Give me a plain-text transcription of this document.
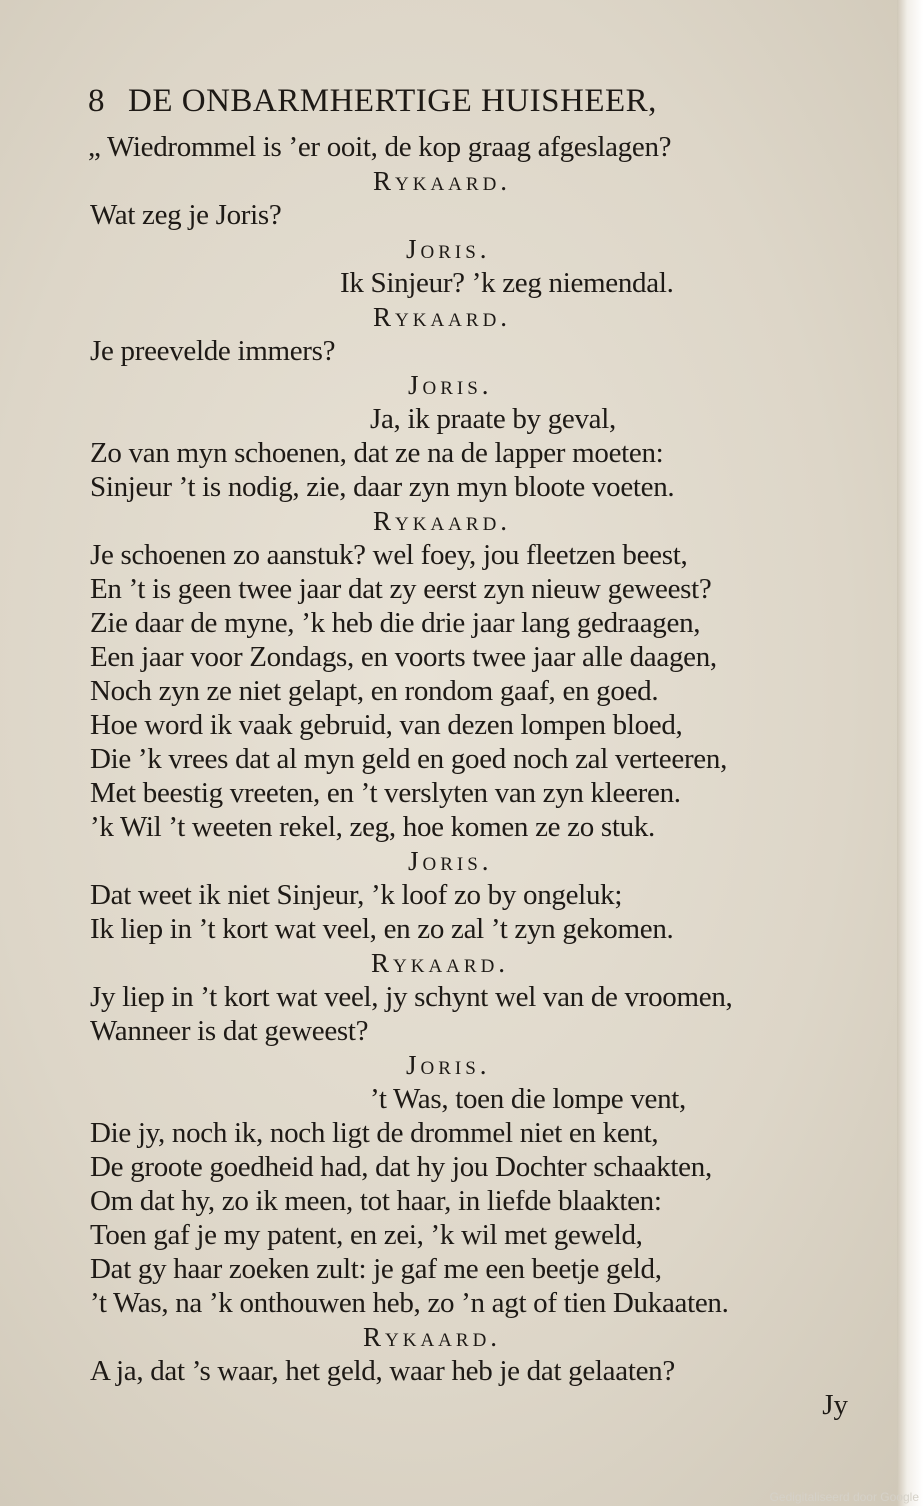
8 DE ONBARMHERTIGE HUISHEER,
„ Wiedrommel is ’er ooit, de kop graag afgeslagen?
Rykaard.
Wat zeg je Joris?
Joris.
Ik Sinjeur? ’k zeg niemendal.
Rykaard.
Je preevelde immers?
Joris.
Ja, ik praate by geval,
Zo van myn schoenen, dat ze na de lapper moeten:
Sinjeur ’t is nodig, zie, daar zyn myn bloote voeten.
Rykaard.
Je schoenen zo aanstuk? wel foey, jou fleetzen beest,
En ’t is geen twee jaar dat zy eerst zyn nieuw geweest?
Zie daar de myne, ’k heb die drie jaar lang gedraagen,
Een jaar voor Zondags, en voorts twee jaar alle daagen,
Noch zyn ze niet gelapt, en rondom gaaf, en goed.
Hoe word ik vaak gebruid, van dezen lompen bloed,
Die ’k vrees dat al myn geld en goed noch zal verteeren,
Met beestig vreeten, en ’t verslyten van zyn kleeren.
’k Wil ’t weeten rekel, zeg, hoe komen ze zo stuk.
Joris.
Dat weet ik niet Sinjeur, ’k loof zo by ongeluk;
Ik liep in ’t kort wat veel, en zo zal ’t zyn gekomen.
Rykaard.
Jy liep in ’t kort wat veel, jy schynt wel van de vroomen,
Wanneer is dat geweest?
Joris.
’t Was, toen die lompe vent,
Die jy, noch ik, noch ligt de drommel niet en kent,
De groote goedheid had, dat hy jou Dochter schaakten,
Om dat hy, zo ik meen, tot haar, in liefde blaakten:
Toen gaf je my patent, en zei, ’k wil met geweld,
Dat gy haar zoeken zult: je gaf me een beetje geld,
’t Was, na ’k onthouwen heb, zo ’n agt of tien Dukaaten.
Rykaard.
A ja, dat ’s waar, het geld, waar heb je dat gelaaten?
Jy
Gedigitaliseerd door Google
